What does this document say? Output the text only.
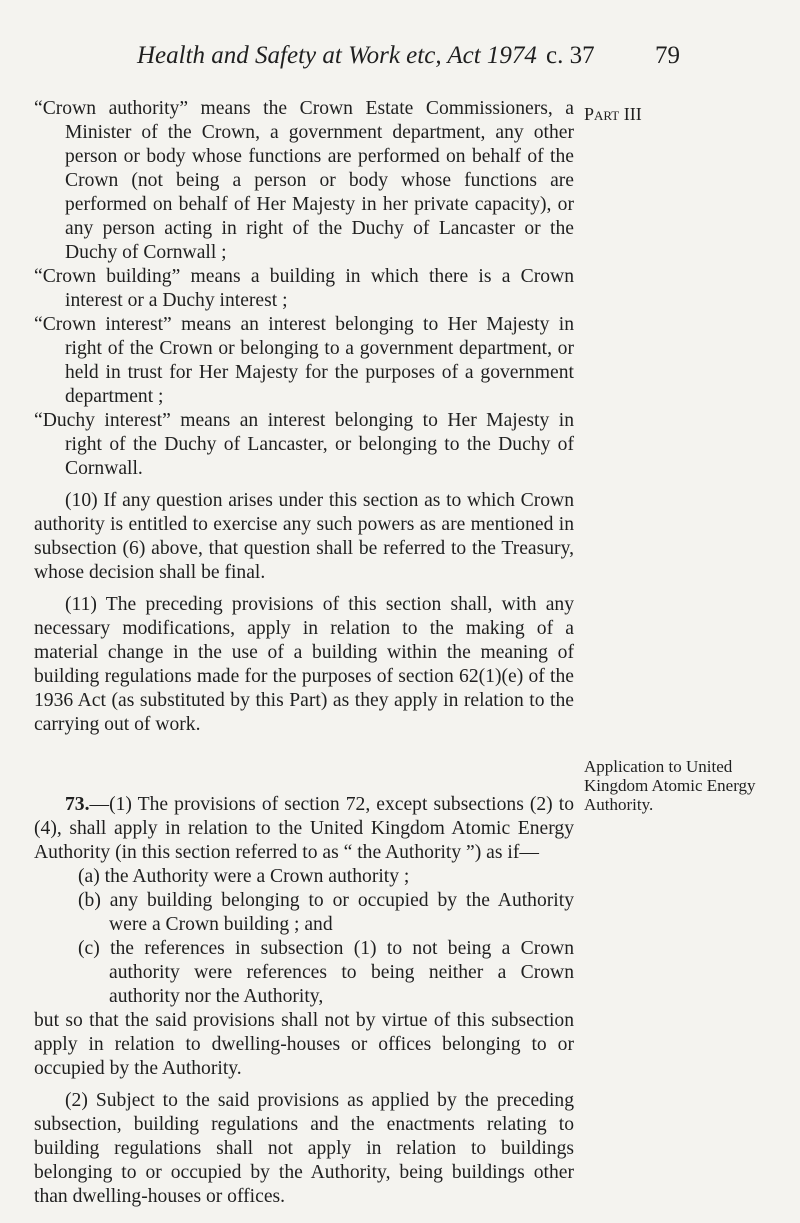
Health and Safety at Work etc, Act 1974 c. 37 79
Part III
Application to United Kingdom Atomic Energy Authority.

“Crown authority” means the Crown Estate Commissioners, a Minister of the Crown, a government department, any other person or body whose functions are performed on behalf of the Crown (not being a person or body whose functions are performed on behalf of Her Majesty in her private capacity), or any person acting in right of the Duchy of Lancaster or the Duchy of Cornwall ;

“Crown building” means a building in which there is a Crown interest or a Duchy interest ;

“Crown interest” means an interest belonging to Her Majesty in right of the Crown or belonging to a government department, or held in trust for Her Majesty for the purposes of a government department ;

“Duchy interest” means an interest belonging to Her Majesty in right of the Duchy of Lancaster, or belonging to the Duchy of Cornwall.

(10) If any question arises under this section as to which Crown authority is entitled to exercise any such powers as are mentioned in subsection (6) above, that question shall be referred to the Treasury, whose decision shall be final.

(11) The preceding provisions of this section shall, with any necessary modifications, apply in relation to the making of a material change in the use of a building within the meaning of building regulations made for the purposes of section 62(1)(e) of the 1936 Act (as substituted by this Part) as they apply in relation to the carrying out of work.

73.—(1) The provisions of section 72, except subsections (2) to (4), shall apply in relation to the United Kingdom Atomic Energy Authority (in this section referred to as “ the Authority ”) as if—

(a) the Authority were a Crown authority ;

(b) any building belonging to or occupied by the Authority were a Crown building ; and

(c) the references in subsection (1) to not being a Crown authority were references to being neither a Crown authority nor the Authority,

but so that the said provisions shall not by virtue of this subsection apply in relation to dwelling-houses or offices belonging to or occupied by the Authority.

(2) Subject to the said provisions as applied by the preceding subsection, building regulations and the enactments relating to building regulations shall not apply in relation to buildings belonging to or occupied by the Authority, being buildings other than dwelling-houses or offices.
